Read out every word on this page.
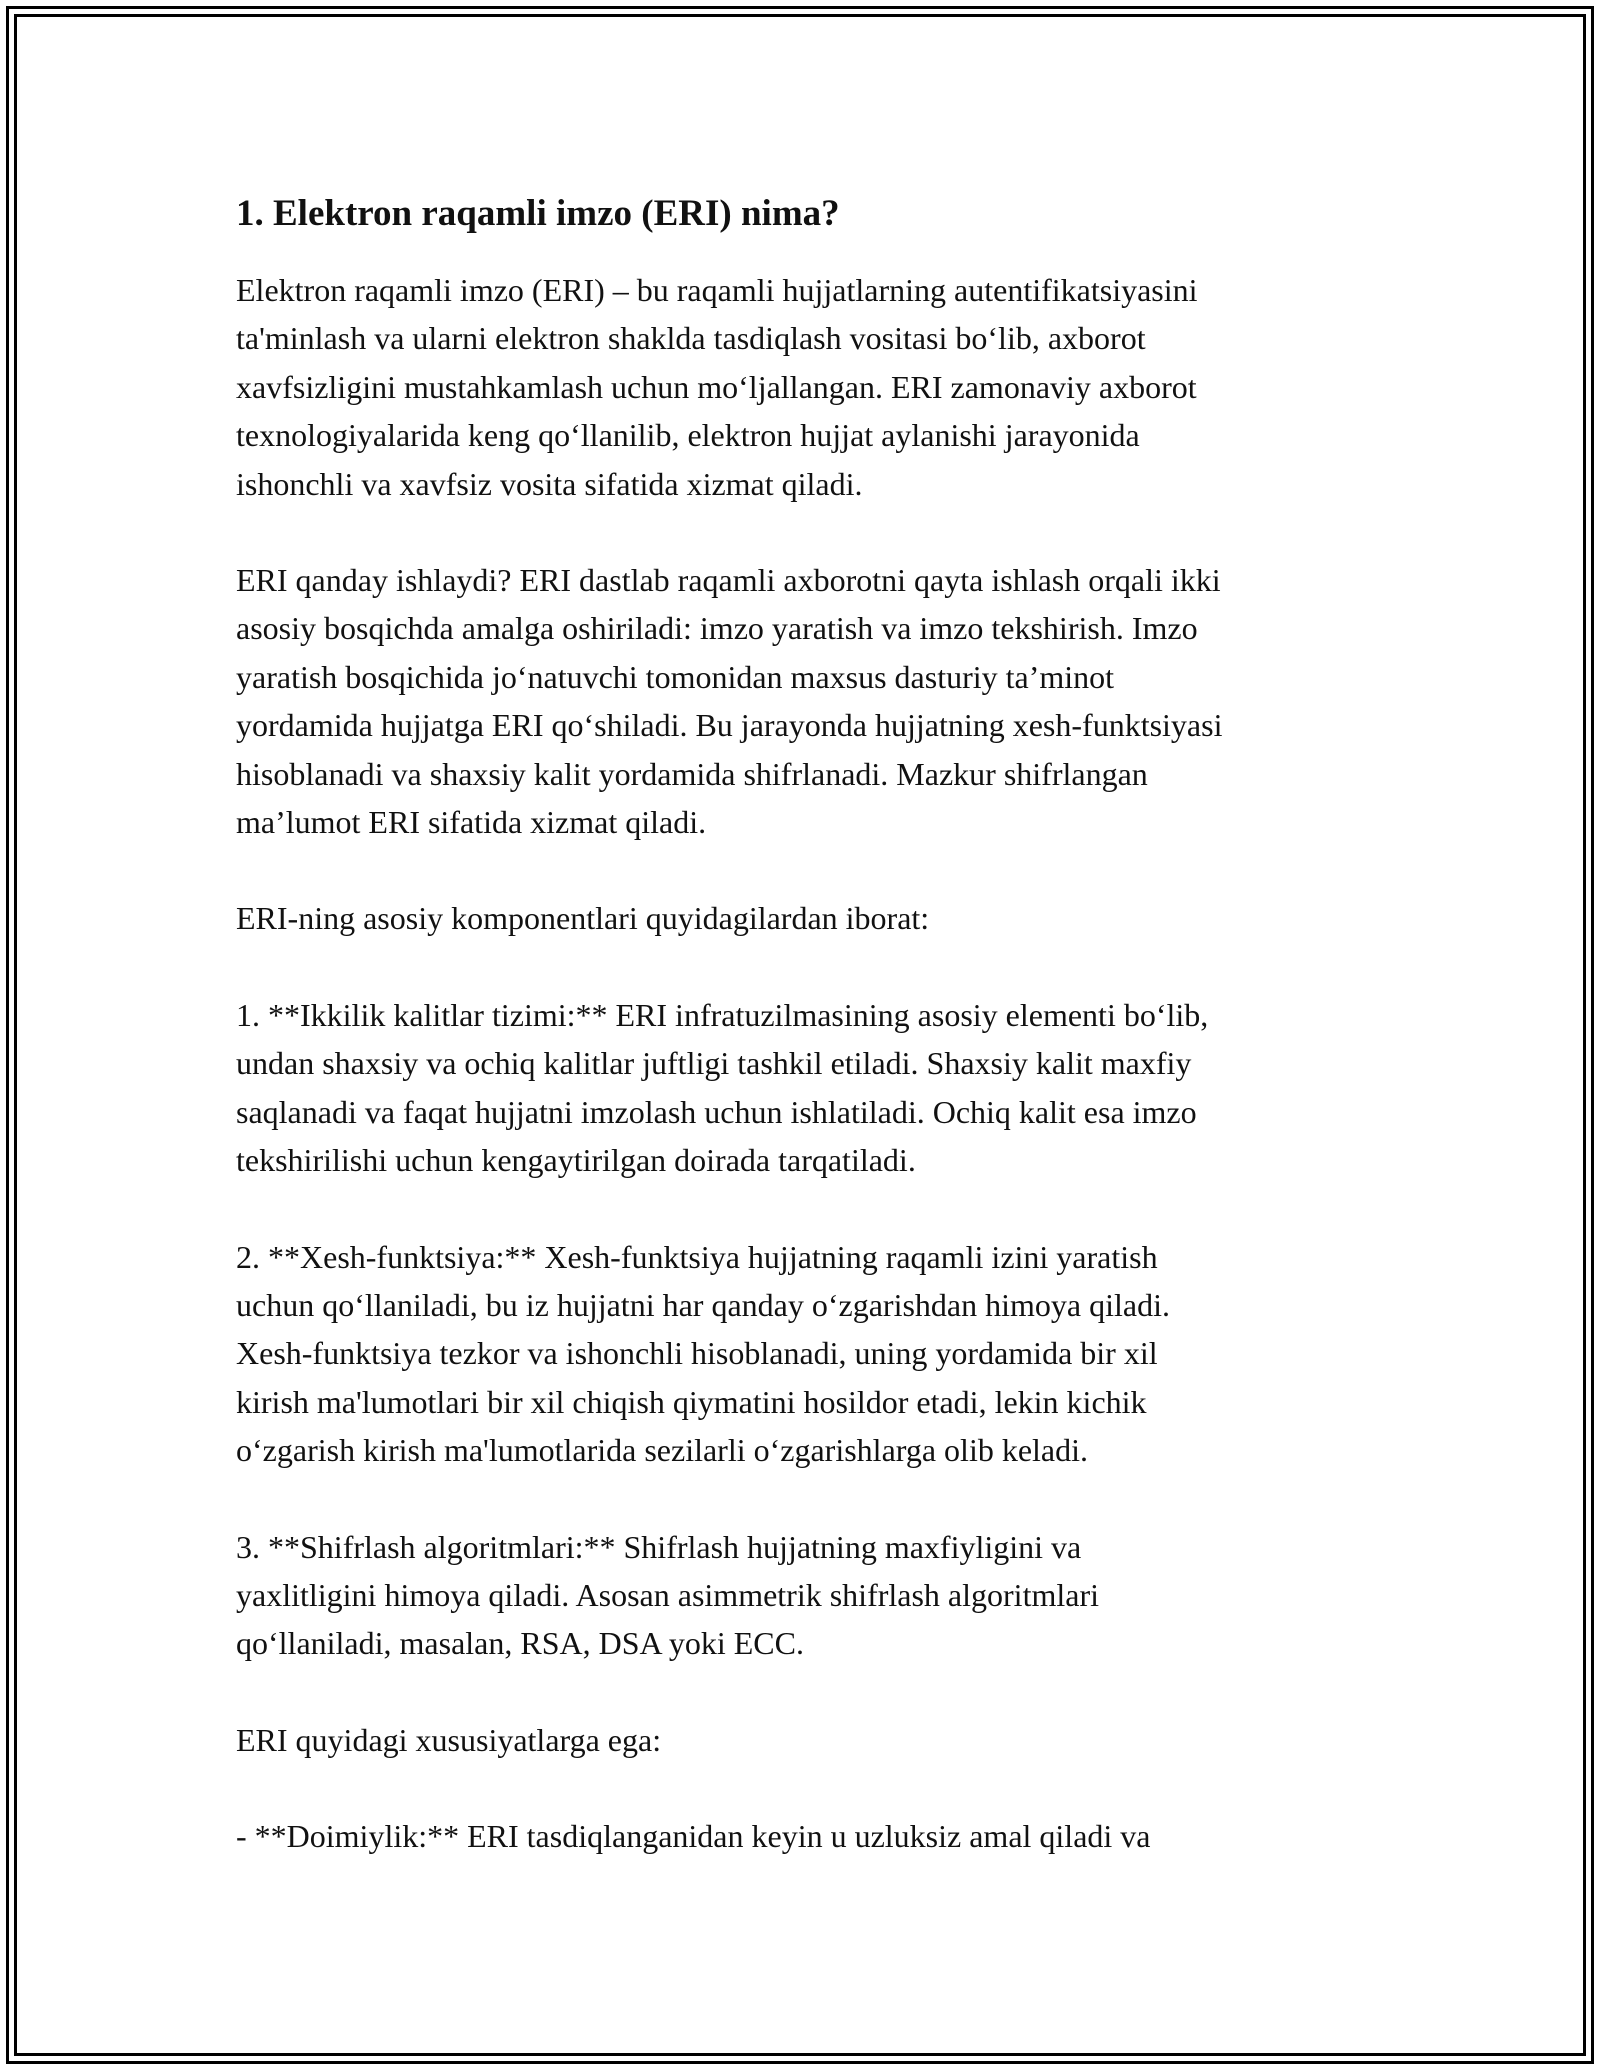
1. Elektron raqamli imzo (ERI) nima?

Elektron raqamli imzo (ERI) – bu raqamli hujjatlarning autentifikatsiyasini
ta'minlash va ularni elektron shaklda tasdiqlash vositasi boʻlib, axborot
xavfsizligini mustahkamlash uchun moʻljallangan. ERI zamonaviy axborot
texnologiyalarida keng qoʻllanilib, elektron hujjat aylanishi jarayonida
ishonchli va xavfsiz vosita sifatida xizmat qiladi.

ERI qanday ishlaydi? ERI dastlab raqamli axborotni qayta ishlash orqali ikki
asosiy bosqichda amalga oshiriladi: imzo yaratish va imzo tekshirish. Imzo
yaratish bosqichida joʻnatuvchi tomonidan maxsus dasturiy taʼminot
yordamida hujjatga ERI qoʻshiladi. Bu jarayonda hujjatning xesh-funktsiyasi
hisoblanadi va shaxsiy kalit yordamida shifrlanadi. Mazkur shifrlangan
maʼlumot ERI sifatida xizmat qiladi.

ERI-ning asosiy komponentlari quyidagilardan iborat:

1. **Ikkilik kalitlar tizimi:** ERI infratuzilmasining asosiy elementi boʻlib,
undan shaxsiy va ochiq kalitlar juftligi tashkil etiladi. Shaxsiy kalit maxfiy
saqlanadi va faqat hujjatni imzolash uchun ishlatiladi. Ochiq kalit esa imzo
tekshirilishi uchun kengaytirilgan doirada tarqatiladi.

2. **Xesh-funktsiya:** Xesh-funktsiya hujjatning raqamli izini yaratish
uchun qoʻllaniladi, bu iz hujjatni har qanday oʻzgarishdan himoya qiladi.
Xesh-funktsiya tezkor va ishonchli hisoblanadi, uning yordamida bir xil
kirish ma'lumotlari bir xil chiqish qiymatini hosildor etadi, lekin kichik
oʻzgarish kirish ma'lumotlarida sezilarli oʻzgarishlarga olib keladi.

3. **Shifrlash algoritmlari:** Shifrlash hujjatning maxfiyligini va
yaxlitligini himoya qiladi. Asosan asimmetrik shifrlash algoritmlari
qoʻllaniladi, masalan, RSA, DSA yoki ECC.

ERI quyidagi xususiyatlarga ega:

- **Doimiylik:** ERI tasdiqlanganidan keyin u uzluksiz amal qiladi va
